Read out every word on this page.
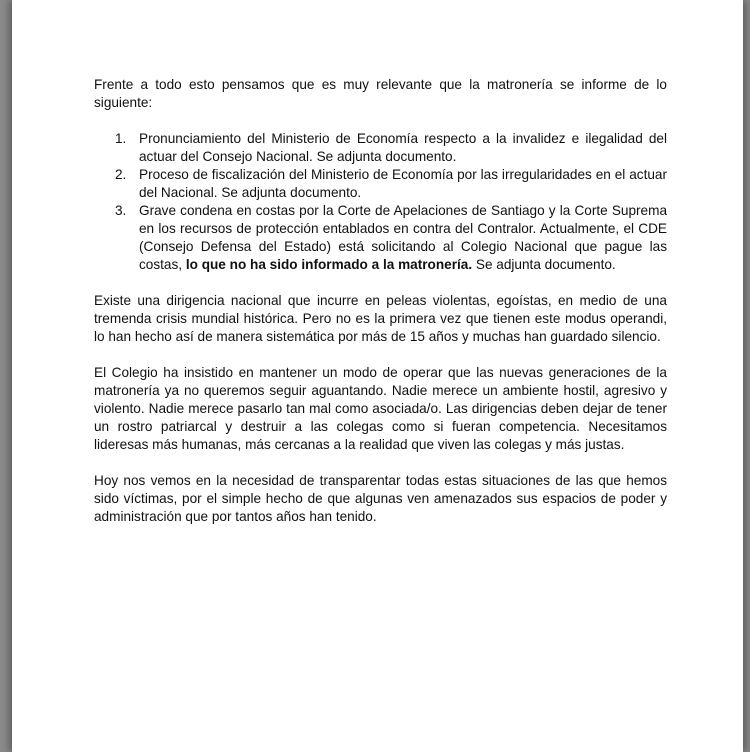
Frente a todo esto pensamos que es muy relevante que la matronería se informe de lo siguiente:

1. Pronunciamiento del Ministerio de Economía respecto a la invalidez e ilegalidad del actuar del Consejo Nacional. Se adjunta documento.
2. Proceso de fiscalización del Ministerio de Economía por las irregularidades en el actuar del Nacional. Se adjunta documento.
3. Grave condena en costas por la Corte de Apelaciones de Santiago y la Corte Suprema en los recursos de protección entablados en contra del Contralor. Actualmente, el CDE (Consejo Defensa del Estado) está solicitando al Colegio Nacional que pague las costas, lo que no ha sido informado a la matronería. Se adjunta documento.

Existe una dirigencia nacional que incurre en peleas violentas, egoístas, en medio de una tremenda crisis mundial histórica. Pero no es la primera vez que tienen este modus operandi, lo han hecho así de manera sistemática por más de 15 años y muchas han guardado silencio.

El Colegio ha insistido en mantener un modo de operar que las nuevas generaciones de la matronería ya no queremos seguir aguantando. Nadie merece un ambiente hostil, agresivo y violento. Nadie merece pasarlo tan mal como asociada/o. Las dirigencias deben dejar de tener un rostro patriarcal y destruir a las colegas como si fueran competencia. Necesitamos lideresas más humanas, más cercanas a la realidad que viven las colegas y más justas.

Hoy nos vemos en la necesidad de transparentar todas estas situaciones de las que hemos sido víctimas, por el simple hecho de que algunas ven amenazados sus espacios de poder y administración que por tantos años han tenido.
